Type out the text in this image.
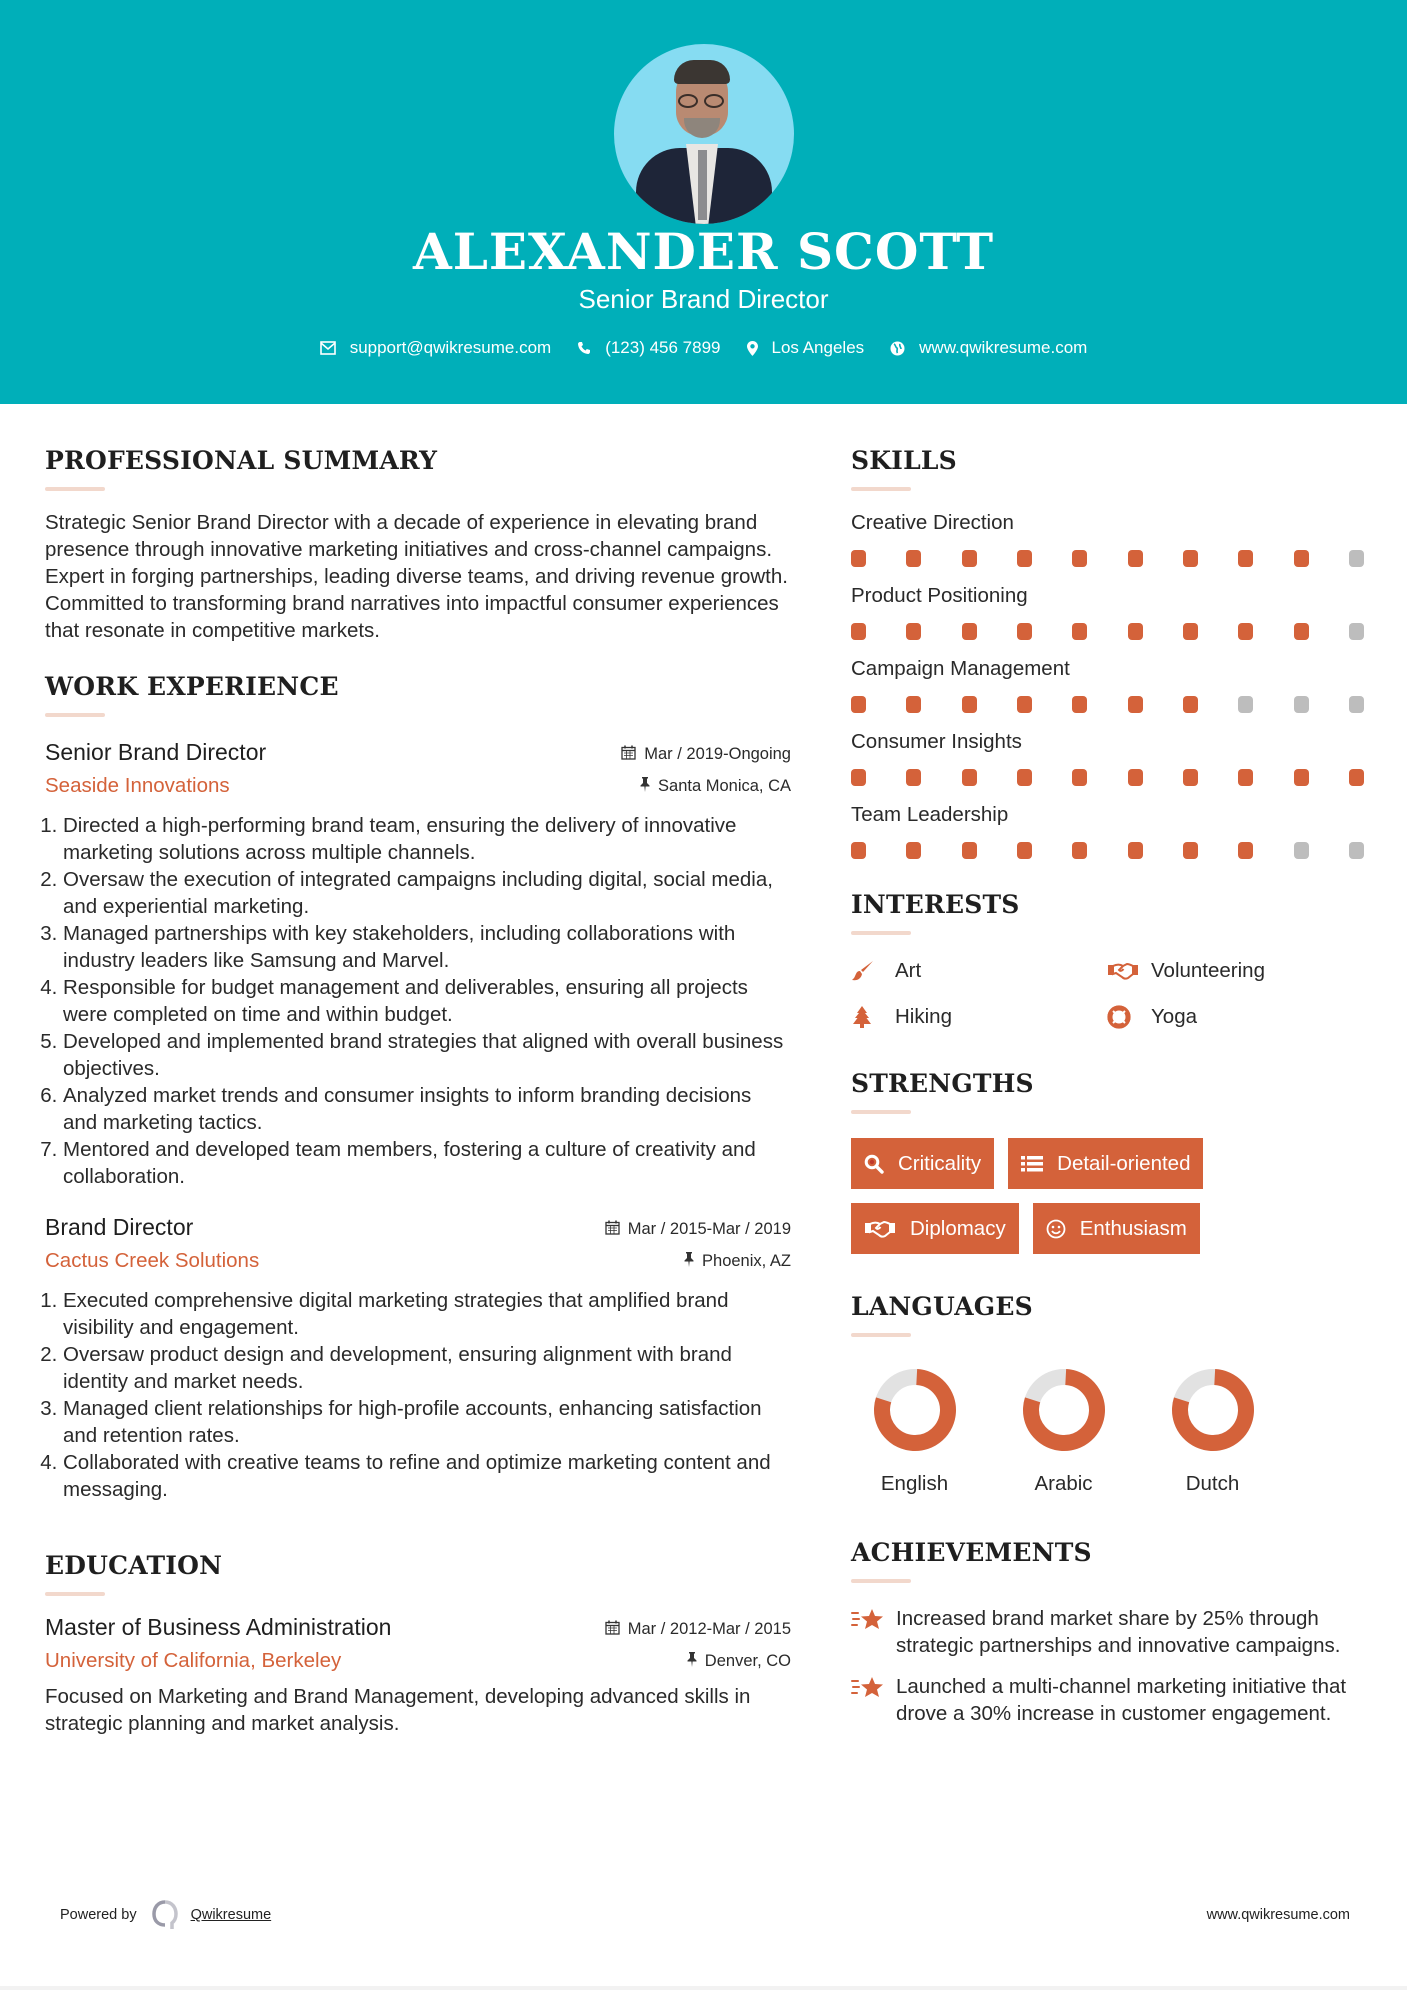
ALEXANDER SCOTT
Senior Brand Director
support@qwikresume.com	(123) 456 7899	Los Angeles	www.qwikresume.com
PROFESSIONAL SUMMARY

Strategic Senior Brand Director with a decade of experience in elevating brand presence through innovative marketing initiatives and cross-channel campaigns. Expert in forging partnerships, leading diverse teams, and driving revenue growth. Committed to transforming brand narratives into impactful consumer experiences that resonate in competitive markets.

WORK EXPERIENCE
Senior Brand Director	Mar / 2019-Ongoing
Seaside Innovations	Santa Monica, CA
1. Directed a high-performing brand team, ensuring the delivery of innovative marketing solutions across multiple channels.
2. Oversaw the execution of integrated campaigns including digital, social media, and experiential marketing.
3. Managed partnerships with key stakeholders, including collaborations with industry leaders like Samsung and Marvel.
4. Responsible for budget management and deliverables, ensuring all projects were completed on time and within budget.
5. Developed and implemented brand strategies that aligned with overall business objectives.
6. Analyzed market trends and consumer insights to inform branding decisions and marketing tactics.
7. Mentored and developed team members, fostering a culture of creativity and collaboration.
Brand Director	Mar / 2015-Mar / 2019
Cactus Creek Solutions	Phoenix, AZ
1. Executed comprehensive digital marketing strategies that amplified brand visibility and engagement.
2. Oversaw product design and development, ensuring alignment with brand identity and market needs.
3. Managed client relationships for high-profile accounts, enhancing satisfaction and retention rates.
4. Collaborated with creative teams to refine and optimize marketing content and messaging.
EDUCATION
Master of Business Administration	Mar / 2012-Mar / 2015
University of California, Berkeley	Denver, CO

Focused on Marketing and Brand Management, developing advanced skills in strategic planning and market analysis.

SKILLS
Creative Direction
Product Positioning
Campaign Management
Consumer Insights
Team Leadership
INTERESTS
Art	Volunteering
Hiking	Yoga
STRENGTHS
Criticality	Detail-oriented
Diplomacy	Enthusiasm
LANGUAGES
English	Arabic	Dutch
ACHIEVEMENTS
Increased brand market share by 25% through strategic partnerships and innovative campaigns.
Launched a multi-channel marketing initiative that drove a 30% increase in customer engagement.
Powered by	Qwikresume	www.qwikresume.com
